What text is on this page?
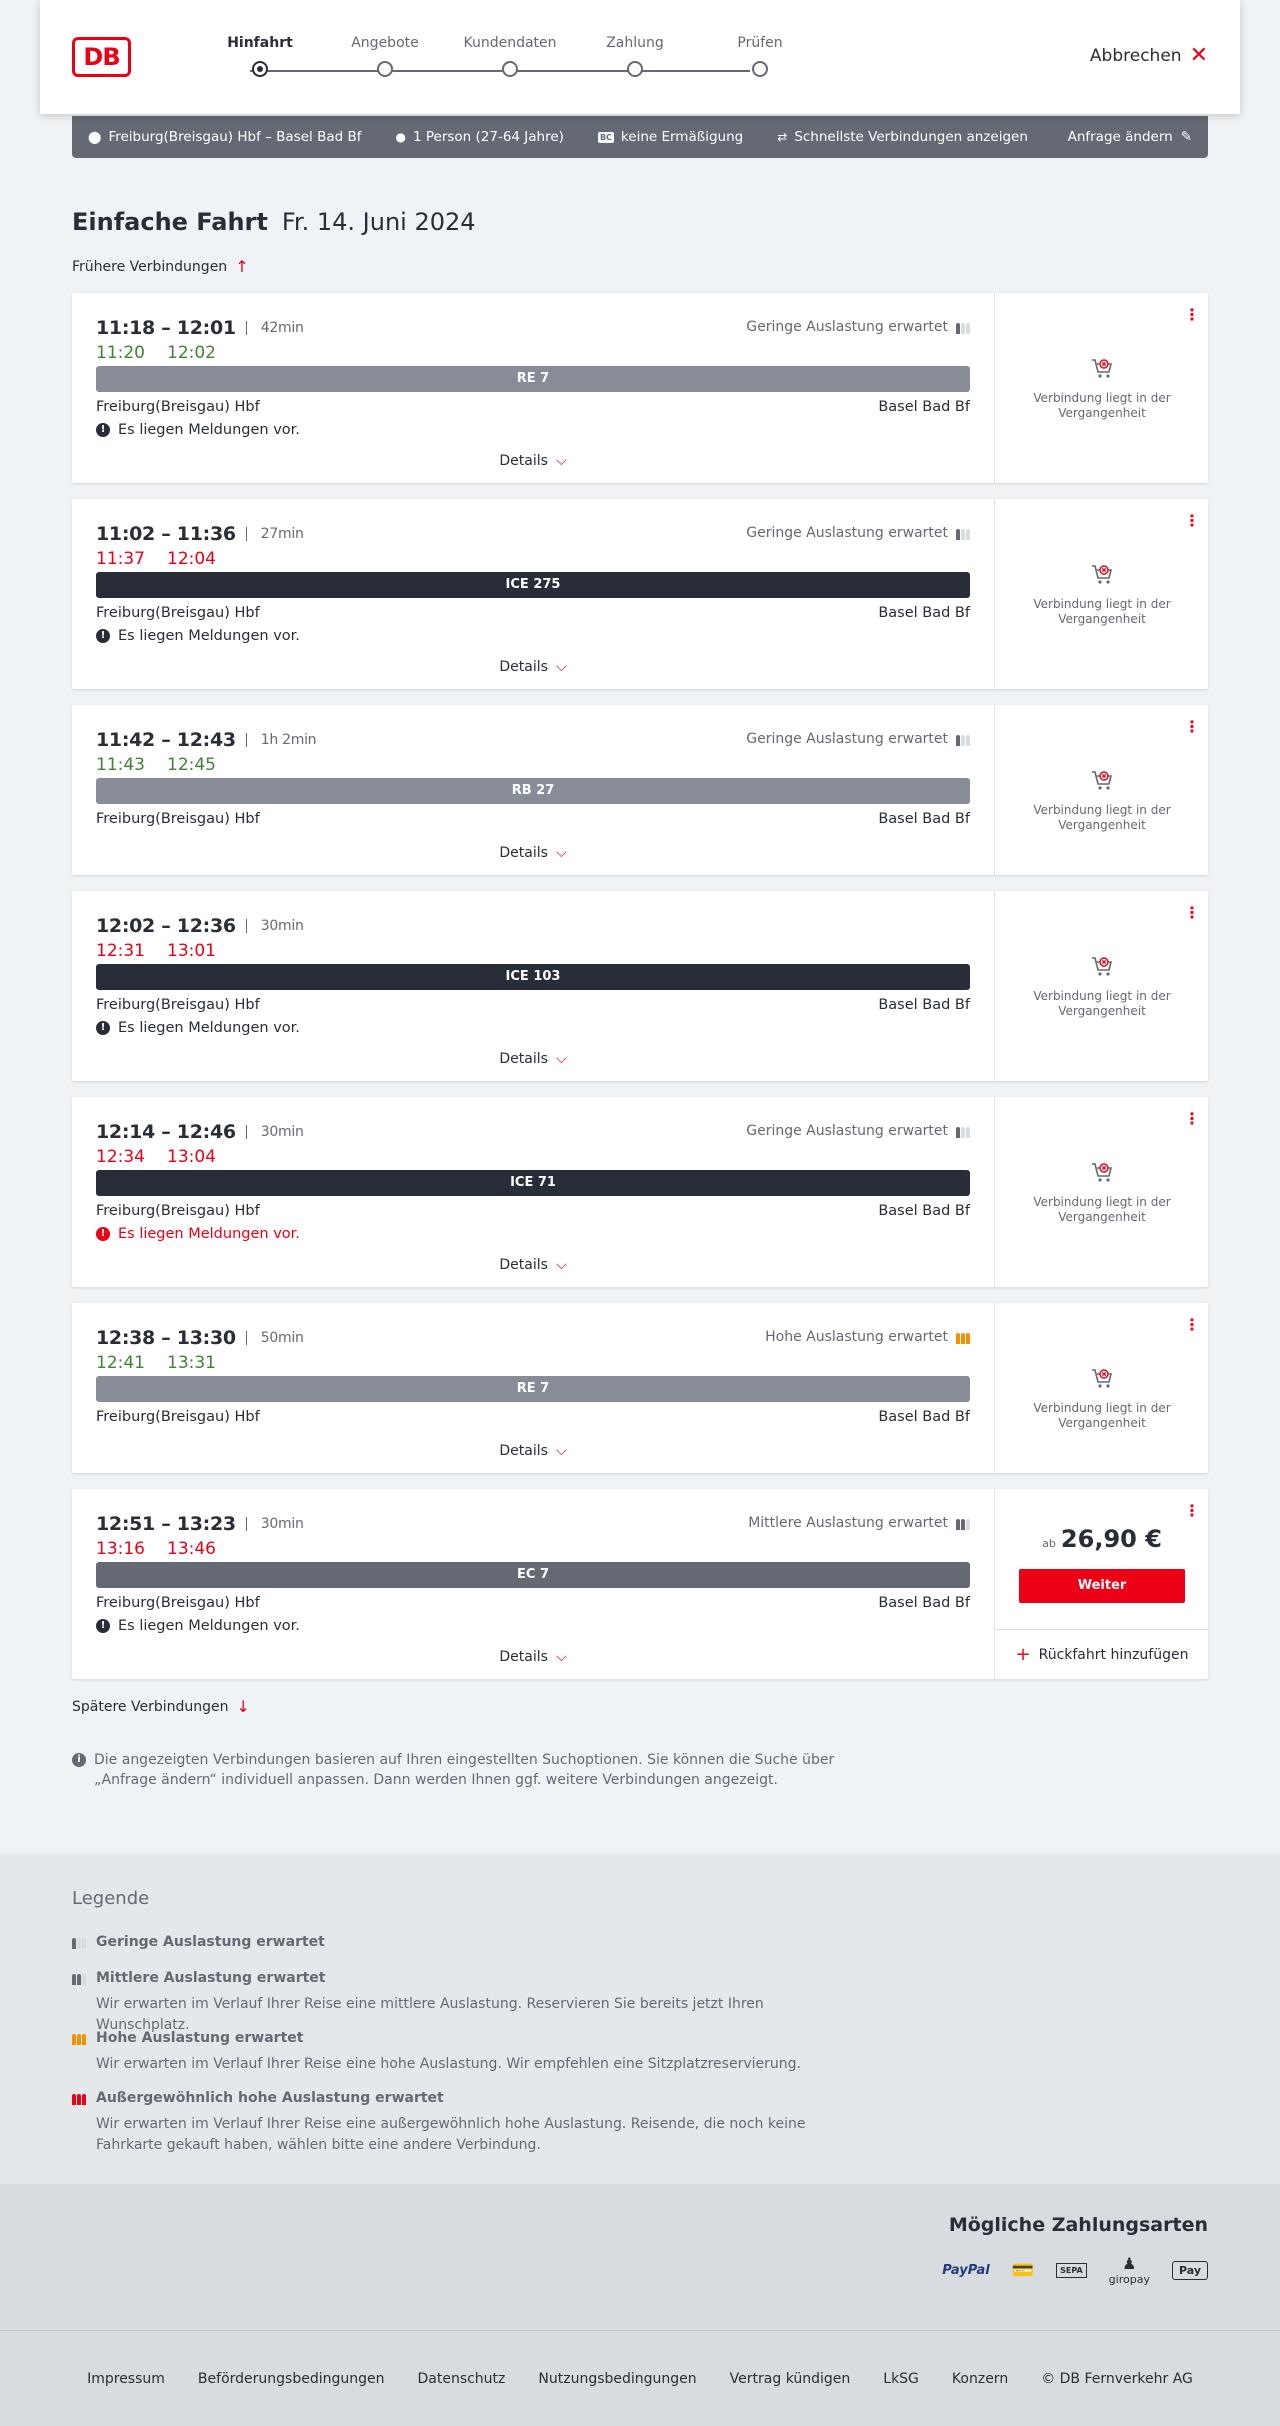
DB	Hinfahrt	Angebote	Kundendaten	Zahlung	Prüfen
Abbrechen ✕
⬤ Freiburg(Breisgau) Hbf – Basel Bad Bf	● 1 Person (27-64 Jahre)	BC keine Ermäßigung	⇄ Schnellste Verbindungen anzeigen	Anfrage ändern ✎
Einfache Fahrt Fr. 14. Juni 2024
Frühere Verbindungen ↑
11:18 – 12:01	42min
11:20 12:02
Geringe Auslastung erwartet
RE 7
Freiburg(Breisgau) Hbf	Basel Bad Bf
! Es liegen Meldungen vor.
Details ⌵
⋮
Verbindung liegt in der Vergangenheit
11:02 – 11:36	27min
11:37 12:04
Geringe Auslastung erwartet
ICE 275
Freiburg(Breisgau) Hbf	Basel Bad Bf
! Es liegen Meldungen vor.
Details ⌵
⋮
Verbindung liegt in der Vergangenheit
11:42 – 12:43	1h 2min
11:43 12:45
Geringe Auslastung erwartet
RB 27
Freiburg(Breisgau) Hbf	Basel Bad Bf
Details ⌵
⋮
Verbindung liegt in der Vergangenheit
12:02 – 12:36	30min
12:31 13:01
ICE 103
Freiburg(Breisgau) Hbf	Basel Bad Bf
! Es liegen Meldungen vor.
Details ⌵
⋮
Verbindung liegt in der Vergangenheit
12:14 – 12:46	30min
12:34 13:04
Geringe Auslastung erwartet
ICE 71
Freiburg(Breisgau) Hbf	Basel Bad Bf
! Es liegen Meldungen vor.
Details ⌵
⋮
Verbindung liegt in der Vergangenheit
12:38 – 13:30	50min
12:41 13:31
Hohe Auslastung erwartet
RE 7
Freiburg(Breisgau) Hbf	Basel Bad Bf
Details ⌵
⋮
Verbindung liegt in der Vergangenheit
12:51 – 13:23	30min
13:16 13:46
Mittlere Auslastung erwartet
EC 7
Freiburg(Breisgau) Hbf	Basel Bad Bf
! Es liegen Meldungen vor.
Details ⌵
⋮
ab 26,90 €
Weiter
+ Rückfahrt hinzufügen
Spätere Verbindungen ↓
i Die angezeigten Verbindungen basieren auf Ihren eingestellten Suchoptionen. Sie können die Suche über „Anfrage ändern“ individuell anpassen. Dann werden Ihnen ggf. weitere Verbindungen angezeigt.
Legende
Geringe Auslastung erwartet
Mittlere Auslastung erwartet
Wir erwarten im Verlauf Ihrer Reise eine mittlere Auslastung. Reservieren Sie bereits jetzt Ihren Wunschplatz.
Hohe Auslastung erwartet
Wir erwarten im Verlauf Ihrer Reise eine hohe Auslastung. Wir empfehlen eine Sitzplatzreservierung.
Außergewöhnlich hohe Auslastung erwartet
Wir erwarten im Verlauf Ihrer Reise eine außergewöhnlich hohe Auslastung. Reisende, die noch keine Fahrkarte gekauft haben, wählen bitte eine andere Verbindung.
Mögliche Zahlungsarten
PayPal 💳	SEPA	♟
giropay
Pay
Impressum Beförderungsbedingungen Datenschutz Nutzungsbedingungen Vertrag kündigen LkSG Konzern © DB Fernverkehr AG
